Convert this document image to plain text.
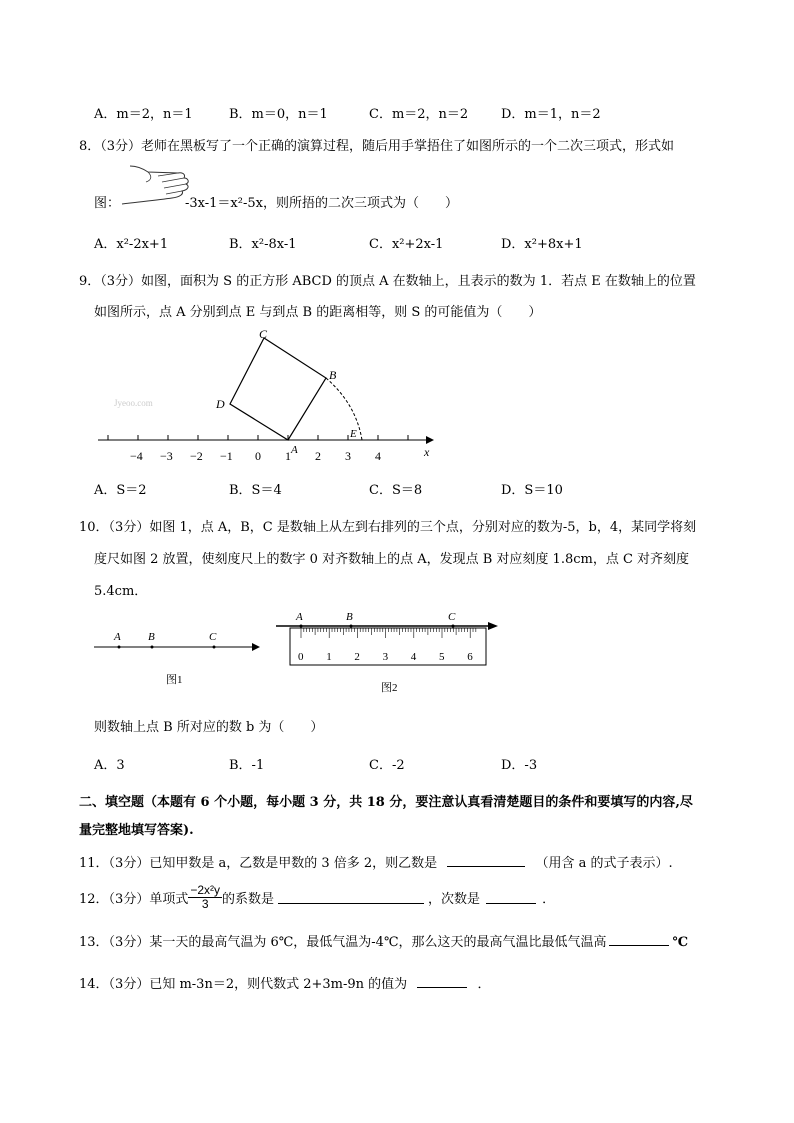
A．m＝2，n＝1	B．m＝0，n＝1	C．m＝2，n＝2	D．m＝1，n＝2
8．（3分）老师在黑板写了一个正确的演算过程，随后用手掌捂住了如图所示的一个二次三项式，形式如
图：	-3x-1＝x²-5x，则所捂的二次三项式为（　　）
A．x²-2x+1	B．x²-8x-1	C．x²+2x-1	D．x²+8x+1
9．（3分）如图，面积为 S 的正方形 ABCD 的顶点 A 在数轴上，且表示的数为 1．若点 E 在数轴上的位置
如图所示，点 A 分别到点 E 与到点 B 的距离相等，则 S 的可能值为（　　）
C
B
D
A
E
x
Jyeoo.com
−4 −3 −2 −1 0 1 2 3 4
A．S＝2	B．S＝4	C．S＝8	D．S＝10
10．（3分）如图 1，点 A，B，C 是数轴上从左到右排列的三个点，分别对应的数为-5，b，4，某同学将刻
度尺如图 2 放置，使刻度尺上的数字 0 对齐数轴上的点 A，发现点 B 对应刻度 1.8cm，点 C 对齐刻度
5.4cm．
A B	C
图1
A	B	C
0 1 2 3 4 5 6
图2
则数轴上点 B 所对应的数 b 为（　　）
A．3	B．-1	C．-2	D．-3
二、填空题（本题有 6 个小题，每小题 3 分，共 18 分，要注意认真看清楚题目的条件和要填写的内容,尽
量完整地填写答案).
11．（3分）已知甲数是 a，乙数是甲数的 3 倍多 2，则乙数是	（用含 a 的式子表示）.
12．（3分） 单项式 $\frac{\text{−2x²y}}{3}$ 的系数是	，次数是	．
13．（3分）某一天的最高气温为 6℃，最低气温为-4℃，那么这天的最高气温比最低气温高	℃
14．（3分）已知 m-3n＝2，则代数式 2+3m-9n 的值为	．
